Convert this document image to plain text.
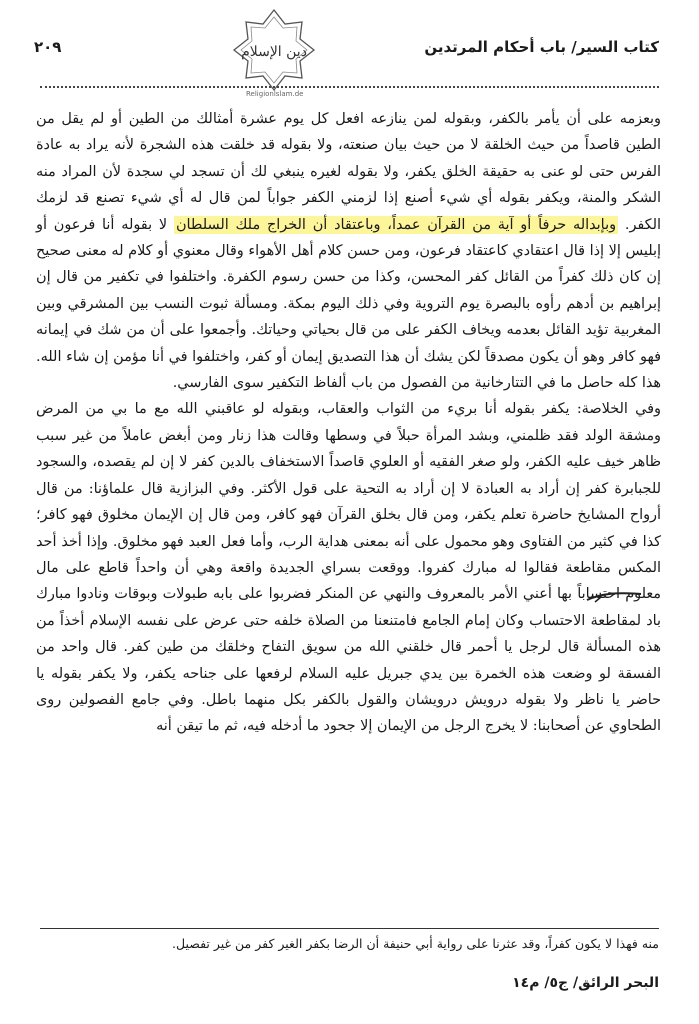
كتاب السير/ باب أحكام المرتدين
٢٠٩	دين الإسلام
Religionlslam.de

وبعزمه على أن يأمر بالكفر، وبقوله لمن ينازعه افعل كل يوم عشرة أمثالك من الطين أو لم يقل من الطين قاصداً من حيث الخلقة لا من حيث بيان صنعته، ولا بقوله قد خلقت هذه الشجرة لأنه يراد به عادة الفرس حتى لو عنى به حقيقة الخلق يكفر، ولا بقوله لغيره ينبغي لك أن تسجد لي سجدة لأن المراد منه الشكر والمنة، ويكفر بقوله أي شيء أصنع إذا لزمني الكفر جواباً لمن قال له أي شيء تصنع قد لزمك الكفر. وبإبداله حرفاً أو آية من القرآن عمداً، وباعتقاد أن الخراج ملك السلطان لا بقوله أنا فرعون أو إبليس إلا إذا قال اعتقادي كاعتقاد فرعون، ومن حسن كلام أهل الأهواء وقال معنوي أو كلام له معنى صحيح إن كان ذلك كفراً من القائل كفر المحسن، وكذا من حسن رسوم الكفرة. واختلفوا في تكفير من قال إن إبراهيم بن أدهم رأوه بالبصرة يوم التروية وفي ذلك اليوم بمكة. ومسألة ثبوت النسب بين المشرقي وبين المغربية تؤيد القائل بعدمه ويخاف الكفر على من قال بحياتي وحياتك. وأجمعوا على أن من شك في إيمانه فهو كافر وهو أن يكون مصدقاً لكن يشك أن هذا التصديق إيمان أو كفر، واختلفوا في أنا مؤمن إن شاء الله. هذا كله حاصل ما في التتارخانية من الفصول من باب ألفاظ التكفير سوى الفارسي.

وفي الخلاصة: يكفر بقوله أنا بريء من الثواب والعقاب، وبقوله لو عاقبني الله مع ما بي من المرض ومشقة الولد فقد ظلمني، وبشد المرأة حبلاً في وسطها وقالت هذا زنار ومن أبغض عاملاً من غير سبب ظاهر خيف عليه الكفر، ولو صغر الفقيه أو العلوي قاصداً الاستخفاف بالدين كفر لا إن لم يقصده، والسجود للجبابرة كفر إن أراد به العبادة لا إن أراد به التحية على قول الأكثر. وفي البزازية قال علماؤنا: من قال أرواح المشايخ حاضرة تعلم يكفر، ومن قال بخلق القرآن فهو كافر، ومن قال إن الإيمان مخلوق فهو كافر؛ كذا في كثير من الفتاوى وهو محمول على أنه بمعنى هداية الرب، وأما فعل العبد فهو مخلوق. وإذا أخذ أحد المكس مقاطعة فقالوا له مبارك كفروا. ووقعت بسراي الجديدة واقعة وهي أن واحداً قاطع على مال معلوم احتساباً بها أعني الأمر بالمعروف والنهي عن المنكر فضربوا على بابه طبولات وبوقات ونادوا مبارك باد لمقاطعة الاحتساب وكان إمام الجامع فامتنعنا من الصلاة خلفه حتى عرض على نفسه الإسلام أخذاً من هذه المسألة قال لرجل يا أحمر قال خلقني الله من سويق التفاح وخلقك من طين كفر. قال واحد من الفسقة لو وضعت هذه الخمرة بين يدي جبريل عليه السلام لرفعها على جناحه يكفر، ولا يكفر بقوله يا حاضر يا ناظر ولا بقوله درويش درويشان والقول بالكفر بكل منهما باطل. وفي جامع الفصولين روى الطحاوي عن أصحابنا: لا يخرج الرجل من الإيمان إلا جحود ما أدخله فيه، ثم ما تيقن أنه

منه فهذا لا يكون كفراً، وقد عثرنا على رواية أبي حنيفة أن الرضا بكفر الغير كفر من غير تفصيل.
البحر الرائق/ ج٥/ م١٤
